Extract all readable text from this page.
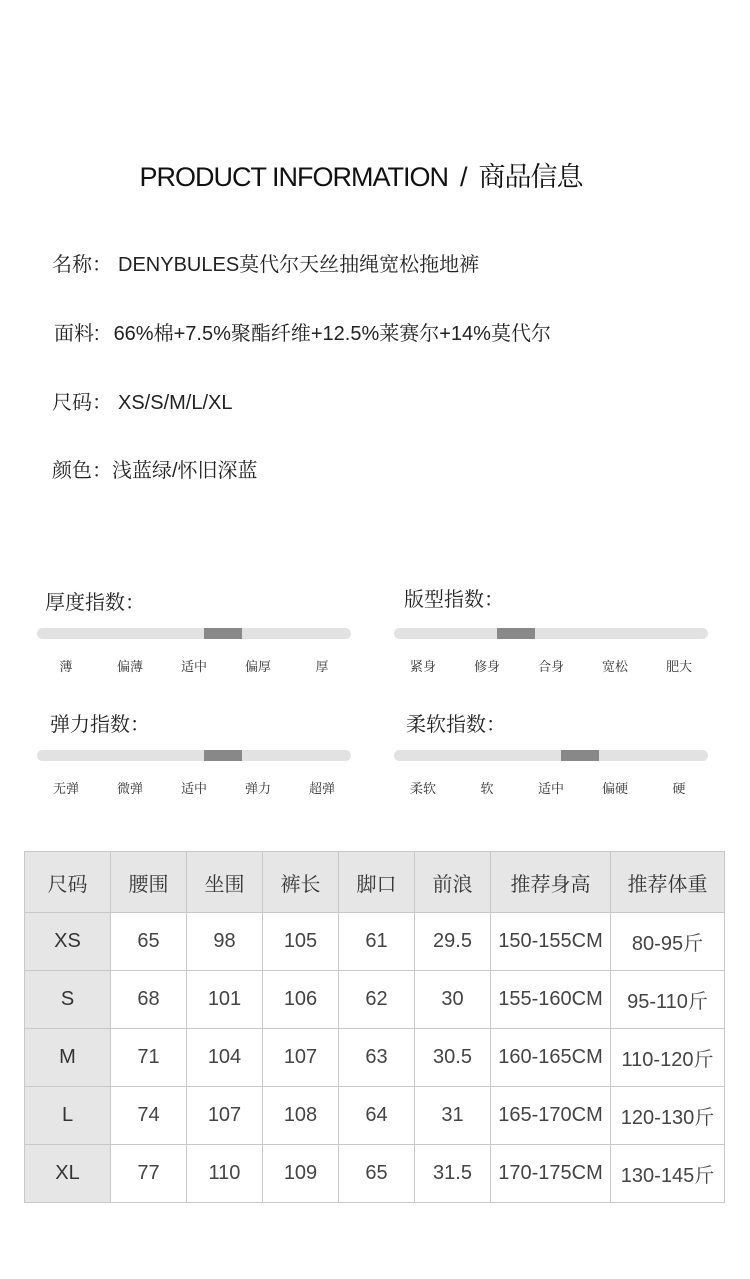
PRODUCT INFORMATION / 商品信息
名称： DENYBULES莫代尔天丝抽绳宽松拖地裤
面料: 66%棉+7.5%聚酯纤维+12.5%莱赛尔+14%莫代尔
尺码： XS/S/M/L/XL
颜色：浅蓝绿/怀旧深蓝
厚度指数：
薄	偏薄	适中	偏厚	厚
版型指数：
紧身	修身	合身	宽松	肥大
弹力指数：
无弹	微弹	适中	弹力	超弹
柔软指数：
柔软	软	适中	偏硬	硬
尺码	腰围	坐围	裤长	脚口	前浪	推荐身高	推荐体重
XS	65	98	105	61	29.5	150-155CM	80-95斤
S	68	101	106	62	30	155-160CM	95-110斤
M	71	104	107	63	30.5	160-165CM	110-120斤
L	74	107	108	64	31	165-170CM	120-130斤
XL	77	110	109	65	31.5	170-175CM	130-145斤
